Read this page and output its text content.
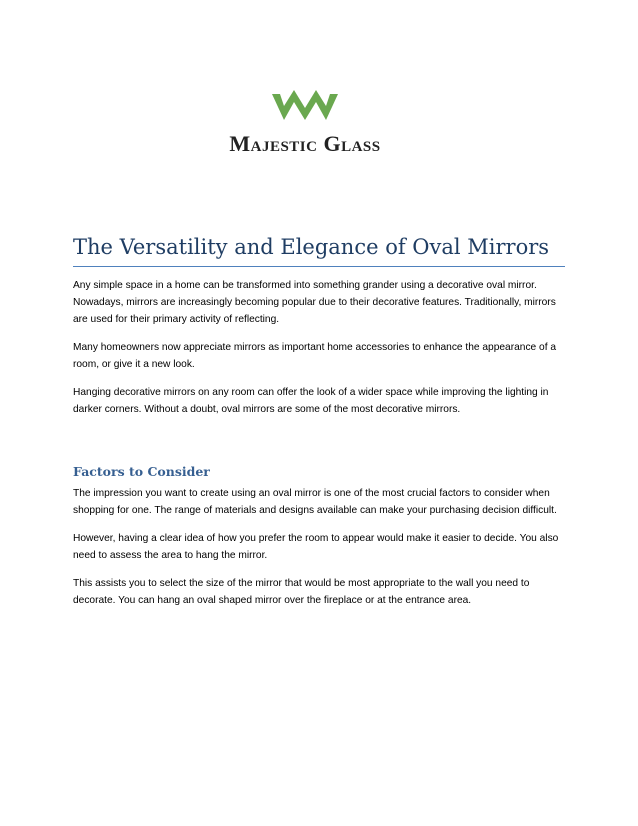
Majestic Glass
The Versatility and Elegance of Oval Mirrors

Any simple space in a home can be transformed into something grander using a decorative oval mirror. Nowadays, mirrors are increasingly becoming popular due to their decorative features. Traditionally, mirrors are used for their primary activity of reflecting.

Many homeowners now appreciate mirrors as important home accessories to enhance the appearance of a room, or give it a new look.

Hanging decorative mirrors on any room can offer the look of a wider space while improving the lighting in darker corners. Without a doubt, oval mirrors are some of the most decorative mirrors.

Factors to Consider

The impression you want to create using an oval mirror is one of the most crucial factors to consider when shopping for one. The range of materials and designs available can make your purchasing decision difficult.

However, having a clear idea of how you prefer the room to appear would make it easier to decide. You also need to assess the area to hang the mirror.

This assists you to select the size of the mirror that would be most appropriate to the wall you need to decorate. You can hang an oval shaped mirror over the fireplace or at the entrance area.
